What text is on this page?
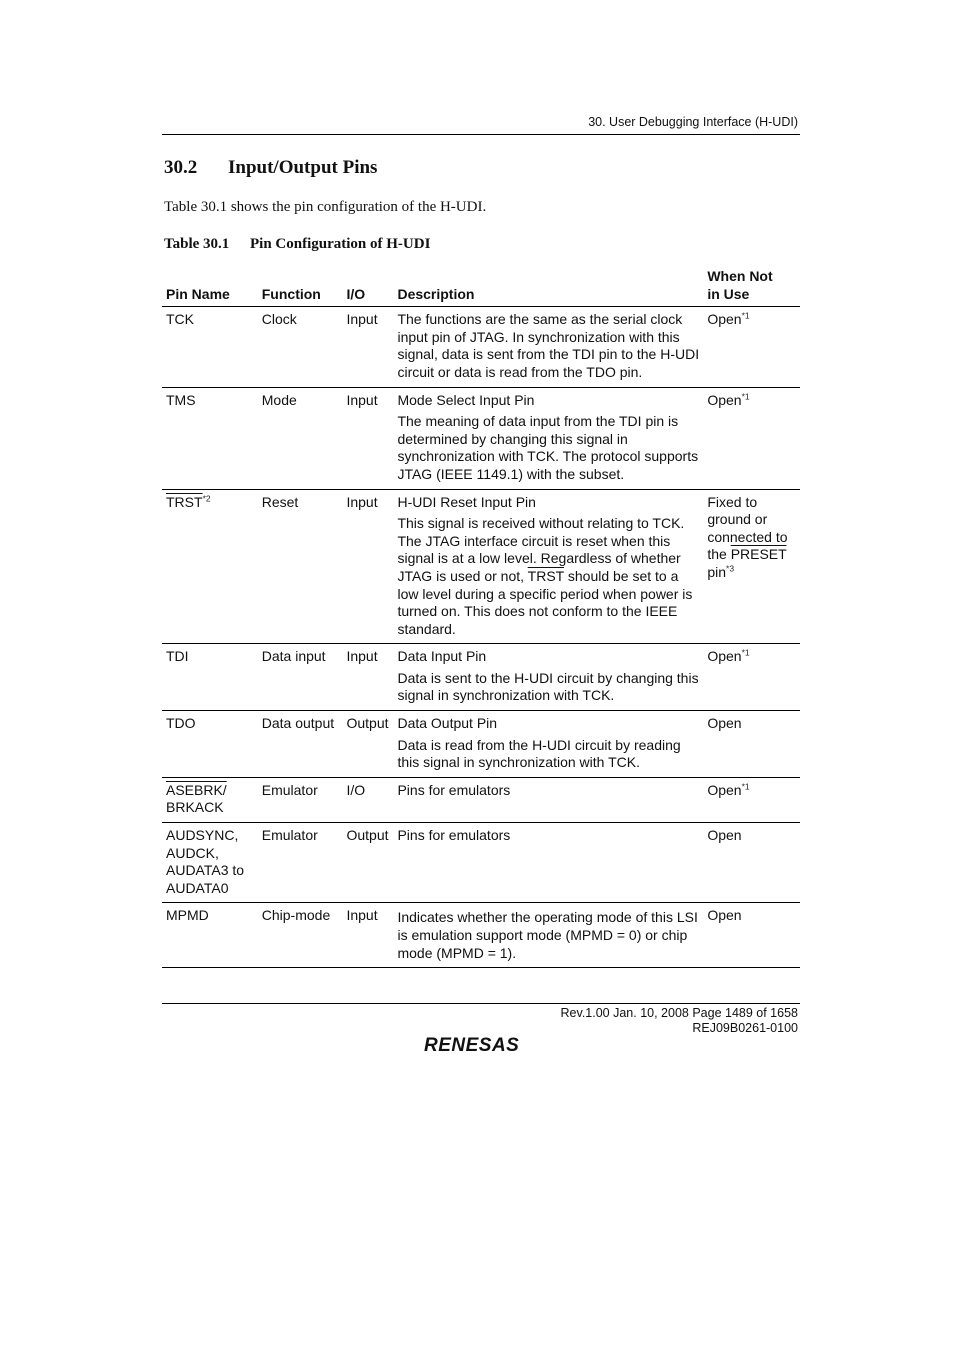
30. User Debugging Interface (H-UDI)
30.2 Input/Output Pins
Table 30.1 shows the pin configuration of the H-UDI.
Table 30.1 Pin Configuration of H-UDI
Pin Name	Function	I/O	Description	When Not
in Use
TCK	Clock	Input	The functions are the same as the serial clock input pin of JTAG. In synchronization with this signal, data is sent from the TDI pin to the H-UDI circuit or data is read from the TDO pin.	Open$^{*1}$
TMS	Mode	Input	Mode Select Input Pin
The meaning of data input from the TDI pin is determined by changing this signal in synchronization with TCK. The protocol supports JTAG (IEEE 1149.1) with the subset.	Open$^{*1}$
TRST$^{*2}$	Reset	Input	H-UDI Reset Input Pin
This signal is received without relating to TCK. The JTAG interface circuit is reset when this signal is at a low level. Regardless of whether JTAG is used or not, TRST should be set to a low level during a specific period when power is turned on. This does not conform to the IEEE standard.	Fixed to ground or connected to the PRESET pin$^{*3}$
TDI	Data input	Input	Data Input Pin
Data is sent to the H-UDI circuit by changing this signal in synchronization with TCK.	Open$^{*1}$
TDO	Data output	Output	Data Output Pin
Data is read from the H-UDI circuit by reading this signal in synchronization with TCK.	Open
ASEBRK/
BRKACK	Emulator	I/O	Pins for emulators	Open$^{*1}$
AUDSYNC,
AUDCK,
AUDATA3 to
AUDATA0	Emulator	Output	Pins for emulators	Open
MPMD	Chip-mode	Input	Indicates whether the operating mode of this LSI is emulation support mode (MPMD = 0) or chip mode (MPMD = 1).	Open
Rev.1.00 Jan. 10, 2008 Page 1489 of 1658
REJ09B0261-0100
RENESAS
